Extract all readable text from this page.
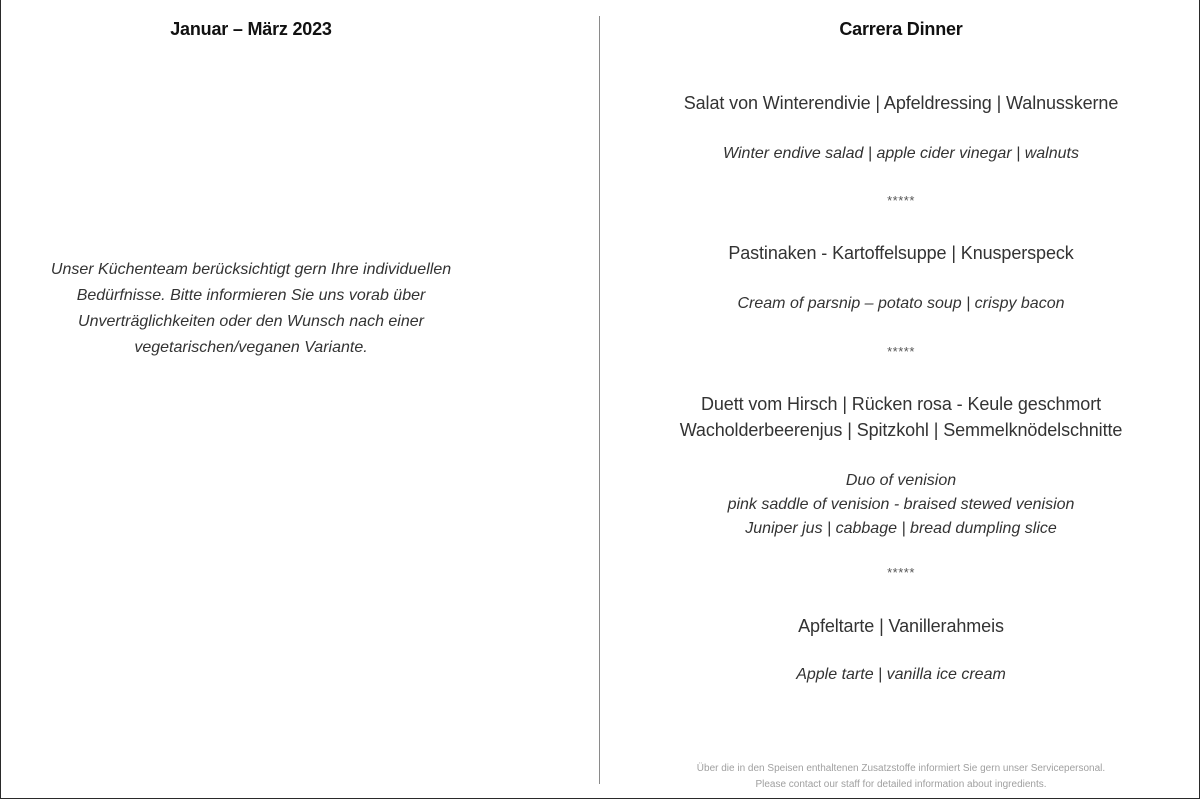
Januar – März 2023
Unser Küchenteam berücksichtigt gern Ihre individuellen
Bedürfnisse. Bitte informieren Sie uns vorab über
Unverträglichkeiten oder den Wunsch nach einer
vegetarischen/veganen Variante.
Carrera Dinner
Salat von Winterendivie | Apfeldressing | Walnusskerne
Winter endive salad | apple cider vinegar | walnuts
*****
Pastinaken - Kartoffelsuppe | Knusperspeck
Cream of parsnip – potato soup | crispy bacon
*****
Duett vom Hirsch | Rücken rosa - Keule geschmort
Wacholderbeerenjus | Spitzkohl | Semmelknödelschnitte
Duo of venision
pink saddle of venision - braised stewed venision
Juniper jus | cabbage | bread dumpling slice
*****
Apfeltarte | Vanillerahmeis
Apple tarte | vanilla ice cream
Über die in den Speisen enthaltenen Zusatzstoffe informiert Sie gern unser Servicepersonal.
Please contact our staff for detailed information about ingredients.
